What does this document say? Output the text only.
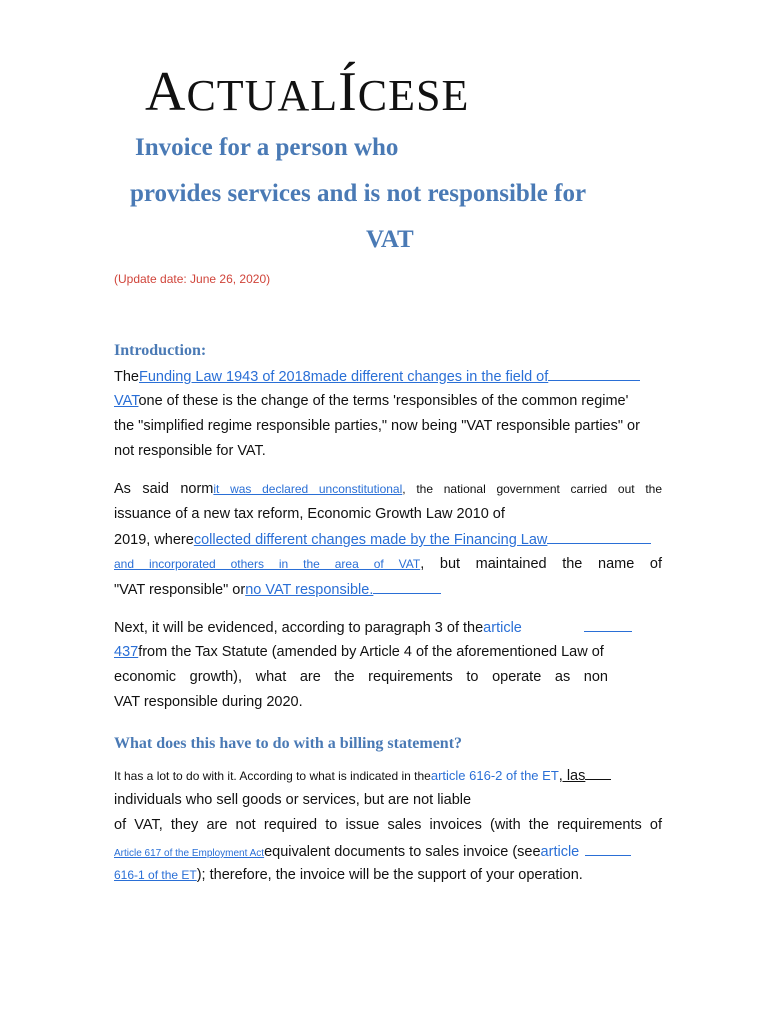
ACTUALÍCESE
Invoice for a person who
provides services and is not responsible for
VAT
(Update date: June 26, 2020)
Introduction:
TheFunding Law 1943 of 2018made different changes in the field of
VATone of these is the change of the terms 'responsibles of the common regime'
the "simplified regime responsible parties," now being "VAT responsible parties" or
not responsible for VAT.
As said normit was declared unconstitutional, the national government carried out the
issuance of a new tax reform, Economic Growth Law 2010 of
2019, wherecollected different changes made by the Financing Law
and incorporated others in the area of VAT, but maintained the name of
"VAT responsible" orno VAT responsible.
Next, it will be evidenced, according to paragraph 3 of thearticle
437from the Tax Statute (amended by Article 4 of the aforementioned Law of
economic growth), what are the requirements to operate as non
VAT responsible during 2020.
What does this have to do with a billing statement?
It has a lot to do with it. According to what is indicated in thearticle 616-2 of the ET, las
individuals who sell goods or services, but are not liable
of VAT, they are not required to issue sales invoices (with the requirements of
Article 617 of the Employment Actequivalent documents to sales invoice (seearticle
616-1 of the ET); therefore, the invoice will be the support of your operation.
